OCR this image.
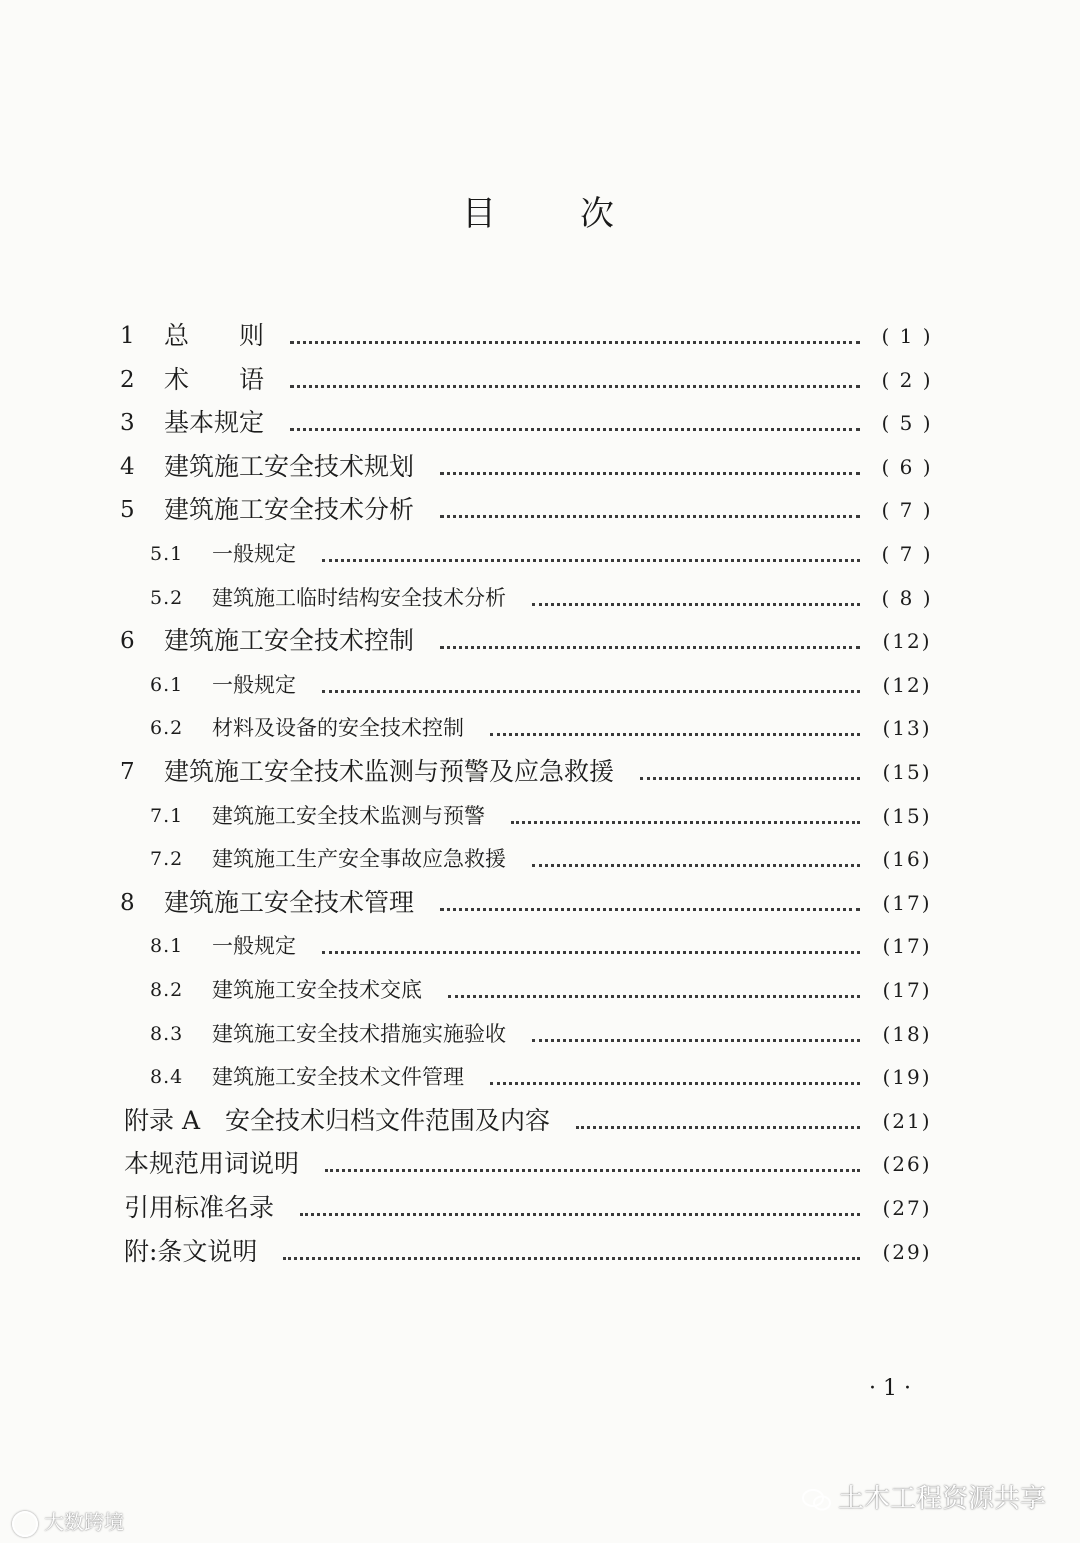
目 次
1 总　　则	( 1 )
2 术　　语	( 2 )
3 基本规定	( 5 )
4 建筑施工安全技术规划	( 6 )
5 建筑施工安全技术分析	( 7 )
5.1 一般规定	( 7 )
5.2 建筑施工临时结构安全技术分析	( 8 )
6 建筑施工安全技术控制	(12)
6.1 一般规定	(12)
6.2 材料及设备的安全技术控制	(13)
7 建筑施工安全技术监测与预警及应急救援	(15)
7.1 建筑施工安全技术监测与预警	(15)
7.2 建筑施工生产安全事故应急救援	(16)
8 建筑施工安全技术管理	(17)
8.1 一般规定	(17)
8.2 建筑施工安全技术交底	(17)
8.3 建筑施工安全技术措施实施验收	(18)
8.4 建筑施工安全技术文件管理	(19)
附录 A　安全技术归档文件范围及内容	(21)
本规范用词说明	(26)
引用标准名录	(27)
附:条文说明	(29)
· 1 ·
大数跨境
土木工程资源共享
